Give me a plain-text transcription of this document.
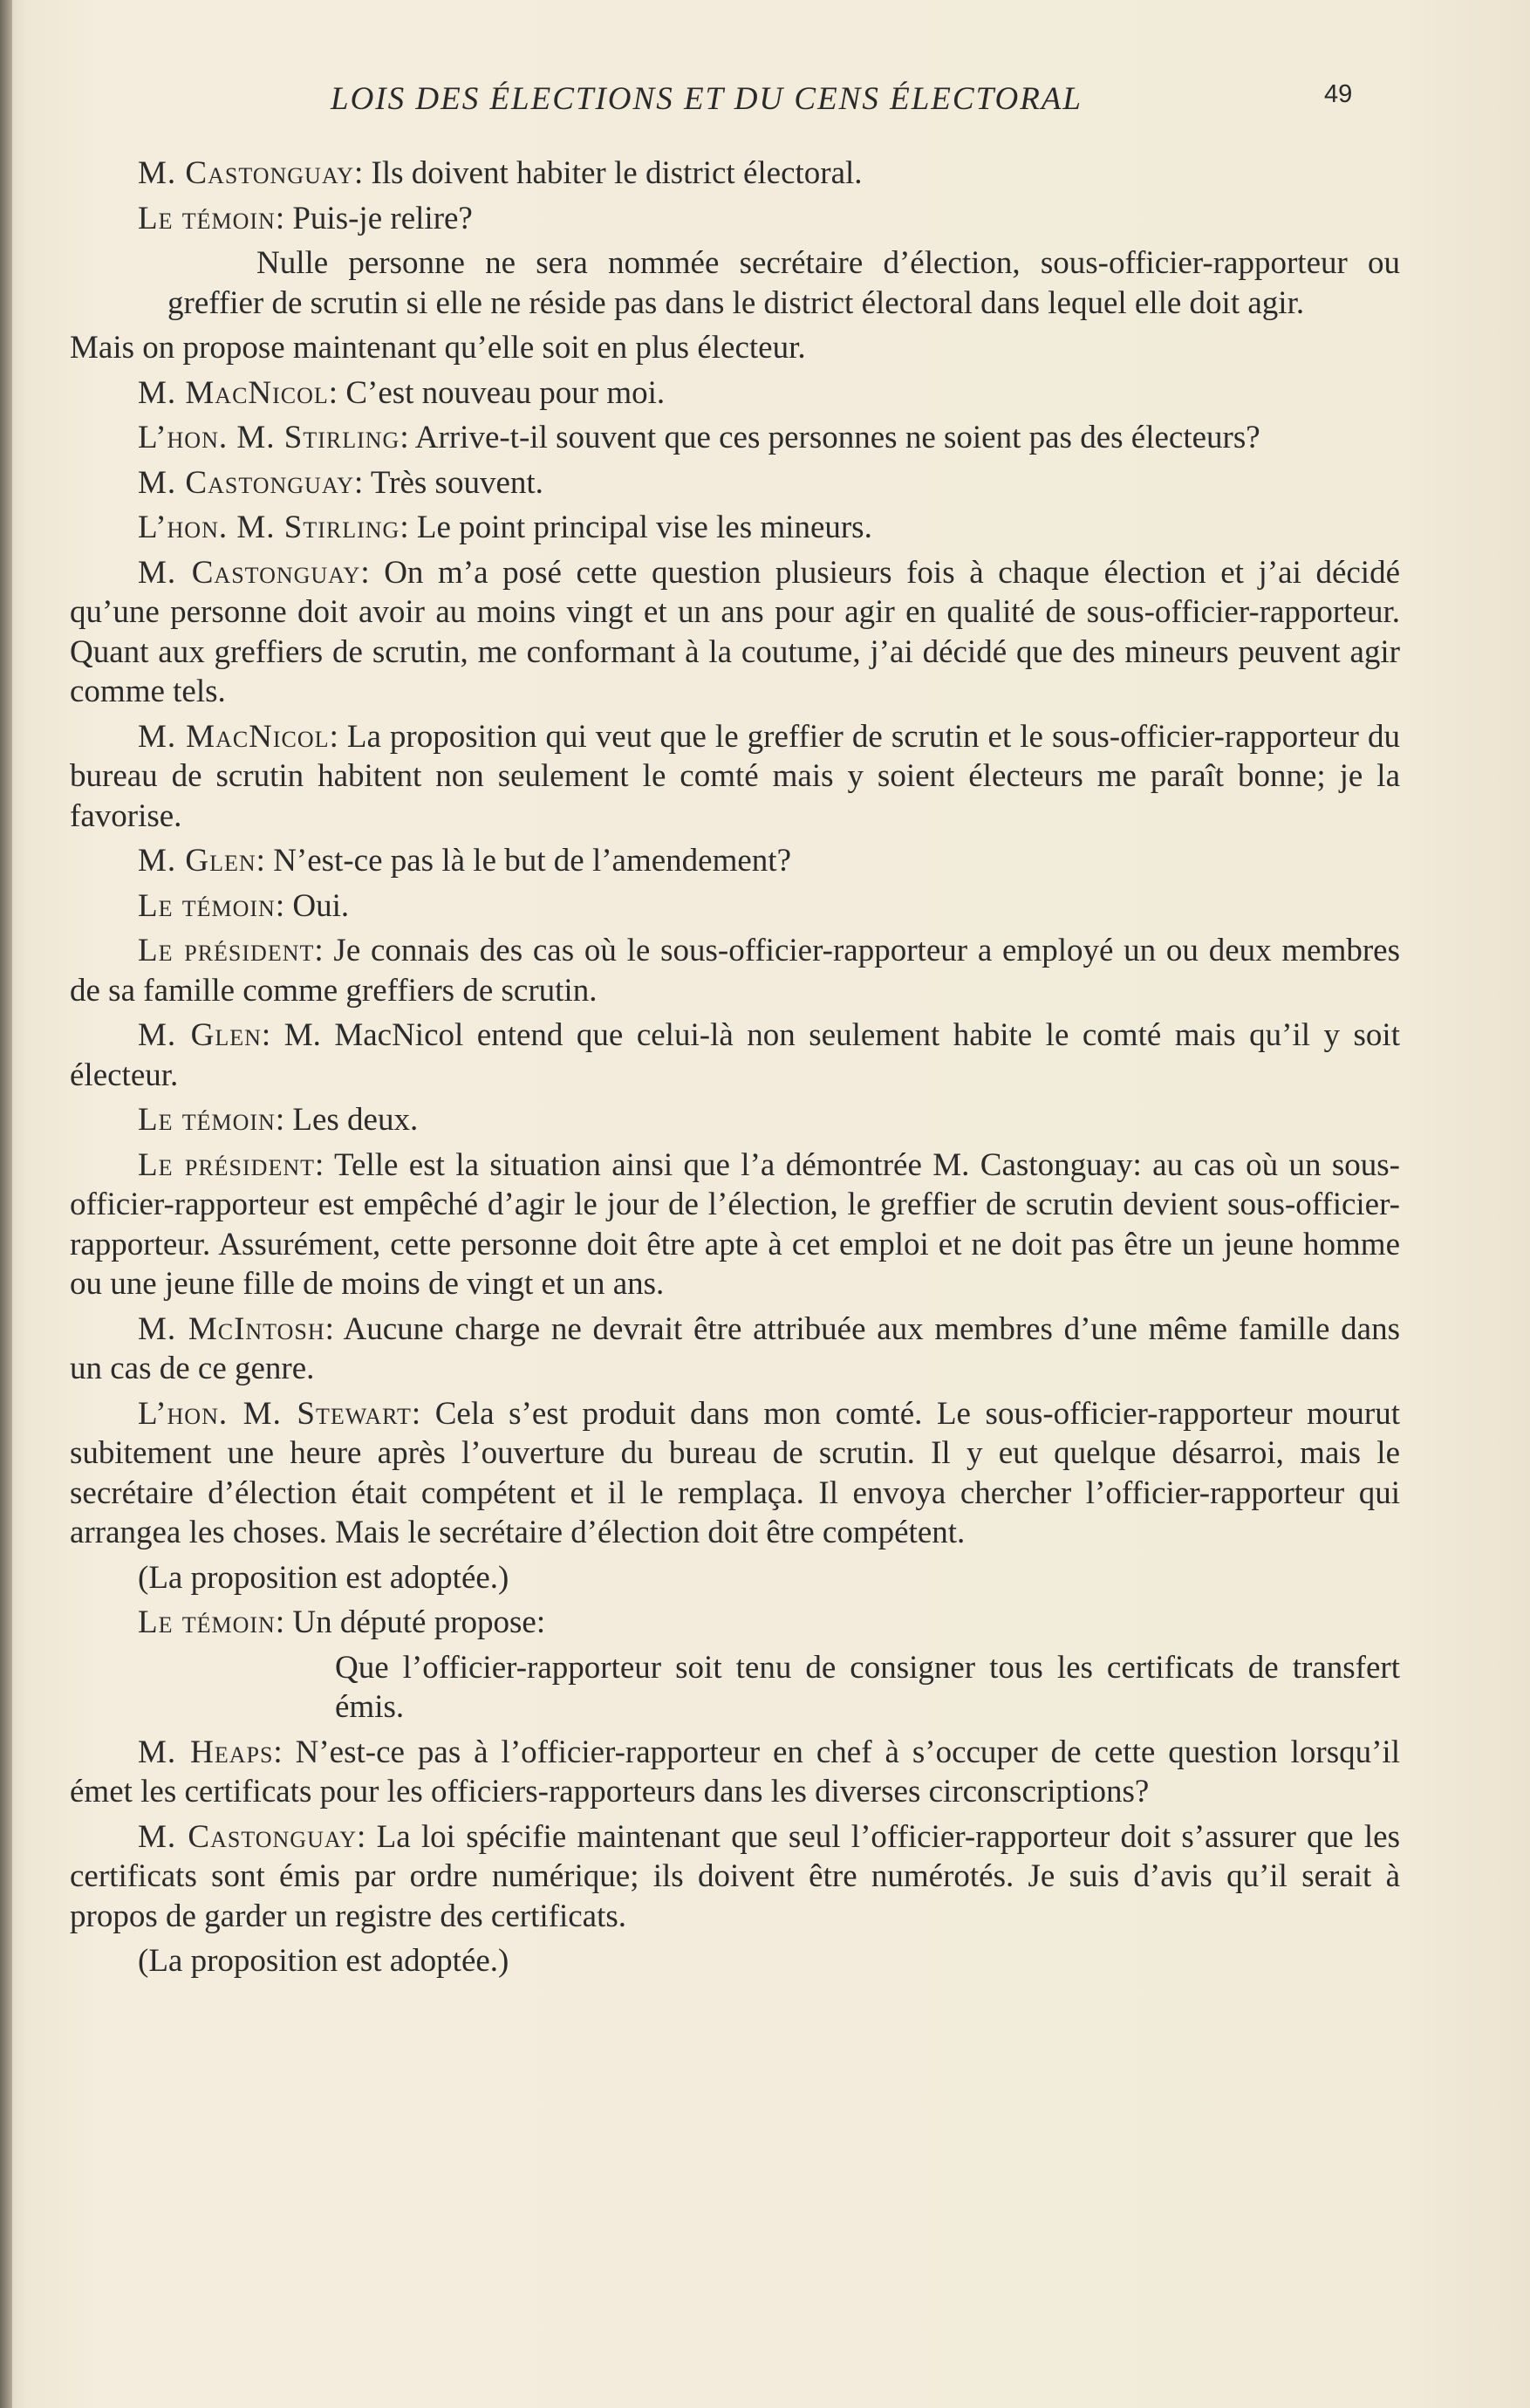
LOIS DES ÉLECTIONS ET DU CENS ÉLECTORAL	49

M. Castonguay: Ils doivent habiter le district électoral.

Le témoin: Puis-je relire?

Nulle personne ne sera nommée secrétaire d’élection, sous-officier-rapporteur ou greffier de scrutin si elle ne réside pas dans le district électoral dans lequel elle doit agir.

Mais on propose maintenant qu’elle soit en plus électeur.

M. MacNicol: C’est nouveau pour moi.

L’hon. M. Stirling: Arrive-t-il souvent que ces personnes ne soient pas des électeurs?

M. Castonguay: Très souvent.

L’hon. M. Stirling: Le point principal vise les mineurs.

M. Castonguay: On m’a posé cette question plusieurs fois à chaque élection et j’ai décidé qu’une personne doit avoir au moins vingt et un ans pour agir en qualité de sous-officier-rapporteur. Quant aux greffiers de scrutin, me conformant à la coutume, j’ai décidé que des mineurs peuvent agir comme tels.

M. MacNicol: La proposition qui veut que le greffier de scrutin et le sous-officier-rapporteur du bureau de scrutin habitent non seulement le comté mais y soient électeurs me paraît bonne; je la favorise.

M. Glen: N’est-ce pas là le but de l’amendement?

Le témoin: Oui.

Le président: Je connais des cas où le sous-officier-rapporteur a employé un ou deux membres de sa famille comme greffiers de scrutin.

M. Glen: M. MacNicol entend que celui-là non seulement habite le comté mais qu’il y soit électeur.

Le témoin: Les deux.

Le président: Telle est la situation ainsi que l’a démontrée M. Castonguay: au cas où un sous-officier-rapporteur est empêché d’agir le jour de l’élection, le greffier de scrutin devient sous-officier-rapporteur. Assurément, cette personne doit être apte à cet emploi et ne doit pas être un jeune homme ou une jeune fille de moins de vingt et un ans.

M. McIntosh: Aucune charge ne devrait être attribuée aux membres d’une même famille dans un cas de ce genre.

L’hon. M. Stewart: Cela s’est produit dans mon comté. Le sous-officier-rapporteur mourut subitement une heure après l’ouverture du bureau de scrutin. Il y eut quelque désarroi, mais le secrétaire d’élection était compétent et il le remplaça. Il envoya chercher l’officier-rapporteur qui arrangea les choses. Mais le secrétaire d’élection doit être compétent.

(La proposition est adoptée.)

Le témoin: Un député propose:

Que l’officier-rapporteur soit tenu de consigner tous les certificats de transfert émis.

M. Heaps: N’est-ce pas à l’officier-rapporteur en chef à s’occuper de cette question lorsqu’il émet les certificats pour les officiers-rapporteurs dans les diverses circonscriptions?

M. Castonguay: La loi spécifie maintenant que seul l’officier-rapporteur doit s’assurer que les certificats sont émis par ordre numérique; ils doivent être numérotés. Je suis d’avis qu’il serait à propos de garder un registre des certificats.

(La proposition est adoptée.)
